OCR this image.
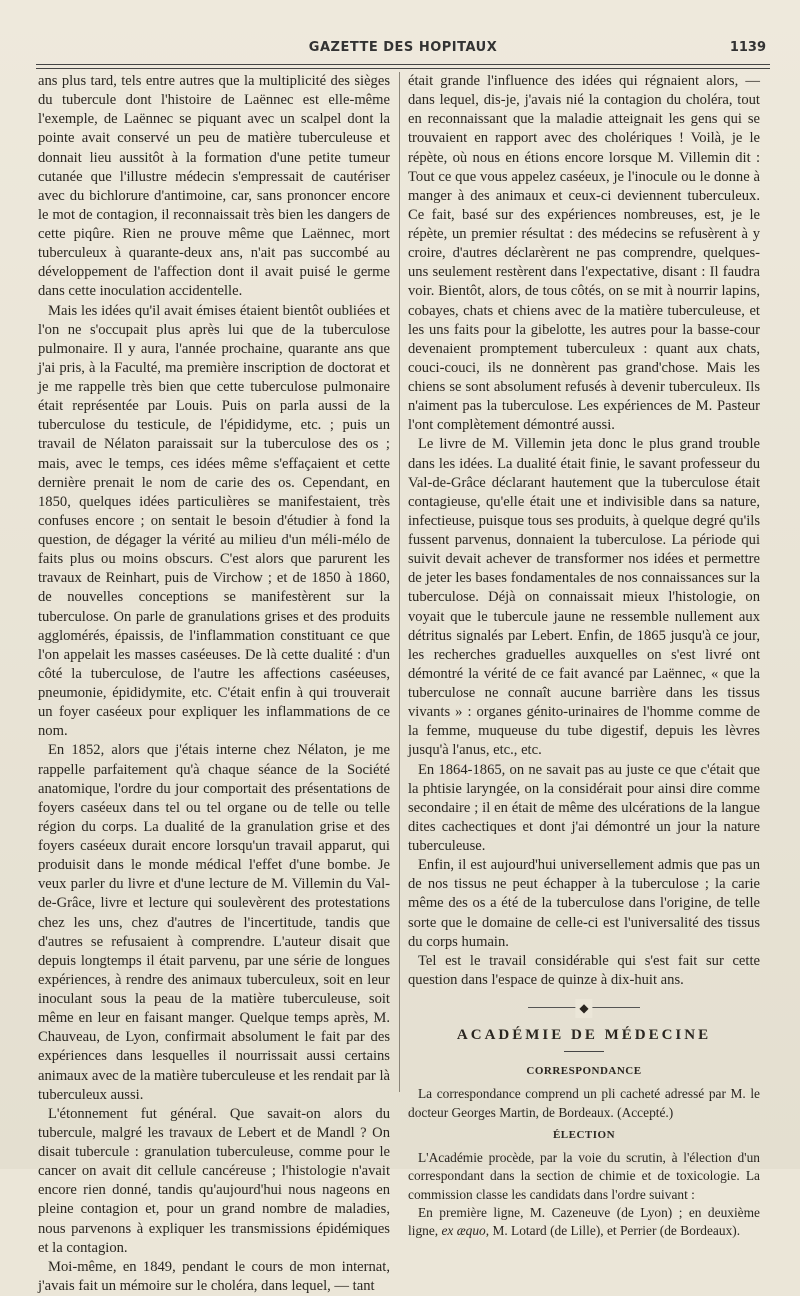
GAZETTE DES HOPITAUX	1139

ans plus tard, tels entre autres que la multiplicité des sièges du tubercule dont l'histoire de Laënnec est elle-même l'exemple, de Laënnec se piquant avec un scalpel dont la pointe avait conservé un peu de matière tuberculeuse et donnait lieu aussitôt à la formation d'une petite tumeur cutanée que l'illustre médecin s'empressait de cautériser avec du bichlorure d'antimoine, car, sans prononcer encore le mot de contagion, il reconnaissait très bien les dangers de cette piqûre. Rien ne prouve même que Laënnec, mort tuberculeux à quarante-deux ans, n'ait pas succombé au développement de l'affection dont il avait puisé le germe dans cette inoculation accidentelle.

Mais les idées qu'il avait émises étaient bientôt oubliées et l'on ne s'occupait plus après lui que de la tuberculose pulmonaire. Il y aura, l'année prochaine, quarante ans que j'ai pris, à la Faculté, ma première inscription de doctorat et je me rappelle très bien que cette tuberculose pulmonaire était représentée par Louis. Puis on parla aussi de la tuberculose du testicule, de l'épididyme, etc. ; puis un travail de Nélaton paraissait sur la tuberculose des os ; mais, avec le temps, ces idées même s'effaçaient et cette dernière prenait le nom de carie des os. Cependant, en 1850, quelques idées particulières se manifestaient, très confuses encore ; on sentait le besoin d'étudier à fond la question, de dégager la vérité au milieu d'un méli-mélo de faits plus ou moins obscurs. C'est alors que parurent les travaux de Reinhart, puis de Virchow ; et de 1850 à 1860, de nouvelles conceptions se manifestèrent sur la tuberculose. On parle de granulations grises et des produits agglomérés, épaissis, de l'inflammation constituant ce que l'on appelait les masses caséeuses. De là cette dualité : d'un côté la tuberculose, de l'autre les affections caséeuses, pneumonie, épididymite, etc. C'était enfin à qui trouverait un foyer caséeux pour expliquer les inflammations de ce nom.

En 1852, alors que j'étais interne chez Nélaton, je me rappelle parfaitement qu'à chaque séance de la Société anatomique, l'ordre du jour comportait des présentations de foyers caséeux dans tel ou tel organe ou de telle ou telle région du corps. La dualité de la granulation grise et des foyers caséeux durait encore lorsqu'un travail apparut, qui produisit dans le monde médical l'effet d'une bombe. Je veux parler du livre et d'une lecture de M. Villemin du Val-de-Grâce, livre et lecture qui soulevèrent des protestations chez les uns, chez d'autres de l'incertitude, tandis que d'autres se refusaient à comprendre. L'auteur disait que depuis longtemps il était parvenu, par une série de longues expériences, à rendre des animaux tuberculeux, soit en leur inoculant sous la peau de la matière tuberculeuse, soit même en leur en faisant manger. Quelque temps après, M. Chauveau, de Lyon, confirmait absolument le fait par des expériences dans lesquelles il nourrissait aussi certains animaux avec de la matière tuberculeuse et les rendait par là tuberculeux aussi.

L'étonnement fut général. Que savait-on alors du tubercule, malgré les travaux de Lebert et de Mandl ? On disait tubercule : granulation tuberculeuse, comme pour le cancer on avait dit cellule cancéreuse ; l'histologie n'avait encore rien donné, tandis qu'aujourd'hui nous nageons en pleine contagion et, pour un grand nombre de maladies, nous parvenons à expliquer les transmissions épidémiques et la contagion.

Moi-même, en 1849, pendant le cours de mon internat, j'avais fait un mémoire sur le choléra, dans lequel, — tant

était grande l'influence des idées qui régnaient alors, — dans lequel, dis-je, j'avais nié la contagion du choléra, tout en reconnaissant que la maladie atteignait les gens qui se trouvaient en rapport avec des cholériques ! Voilà, je le répète, où nous en étions encore lorsque M. Villemin dit : Tout ce que vous appelez caséeux, je l'inocule ou le donne à manger à des animaux et ceux-ci deviennent tuberculeux. Ce fait, basé sur des expériences nombreuses, est, je le répète, un premier résultat : des médecins se refusèrent à y croire, d'autres déclarèrent ne pas comprendre, quelques-uns seulement restèrent dans l'expectative, disant : Il faudra voir. Bientôt, alors, de tous côtés, on se mit à nourrir lapins, cobayes, chats et chiens avec de la matière tuberculeuse, et les uns faits pour la gibelotte, les autres pour la basse-cour devenaient promptement tuberculeux : quant aux chats, couci-couci, ils ne donnèrent pas grand'chose. Mais les chiens se sont absolument refusés à devenir tuberculeux. Ils n'aiment pas la tuberculose. Les expériences de M. Pasteur l'ont complètement démontré aussi.

Le livre de M. Villemin jeta donc le plus grand trouble dans les idées. La dualité était finie, le savant professeur du Val-de-Grâce déclarant hautement que la tuberculose était contagieuse, qu'elle était une et indivisible dans sa nature, infectieuse, puisque tous ses produits, à quelque degré qu'ils fussent parvenus, donnaient la tuberculose. La période qui suivit devait achever de transformer nos idées et permettre de jeter les bases fondamentales de nos connaissances sur la tuberculose. Déjà on connaissait mieux l'histologie, on voyait que le tubercule jaune ne ressemble nullement aux détritus signalés par Lebert. Enfin, de 1865 jusqu'à ce jour, les recherches graduelles auxquelles on s'est livré ont démontré la vérité de ce fait avancé par Laënnec, « que la tuberculose ne connaît aucune barrière dans les tissus vivants » : organes génito-urinaires de l'homme comme de la femme, muqueuse du tube digestif, depuis les lèvres jusqu'à l'anus, etc., etc.

En 1864-1865, on ne savait pas au juste ce que c'était que la phtisie laryngée, on la considérait pour ainsi dire comme secondaire ; il en était de même des ulcérations de la langue dites cachectiques et dont j'ai démontré un jour la nature tuberculeuse.

Enfin, il est aujourd'hui universellement admis que pas un de nos tissus ne peut échapper à la tuberculose ; la carie même des os a été de la tuberculose dans l'origine, de telle sorte que le domaine de celle-ci est l'universalité des tissus du corps humain.

Tel est le travail considérable qui s'est fait sur cette question dans l'espace de quinze à dix-huit ans.

◆
ACADÉMIE DE MÉDECINE
CORRESPONDANCE

La correspondance comprend un pli cacheté adressé par M. le docteur Georges Martin, de Bordeaux. (Accepté.)

ÉLECTION

L'Académie procède, par la voie du scrutin, à l'élection d'un correspondant dans la section de chimie et de toxicologie. La commission classe les candidats dans l'ordre suivant :

En première ligne, M. Cazeneuve (de Lyon) ; en deuxième ligne, ex æquo, M. Lotard (de Lille), et Perrier (de Bordeaux).
